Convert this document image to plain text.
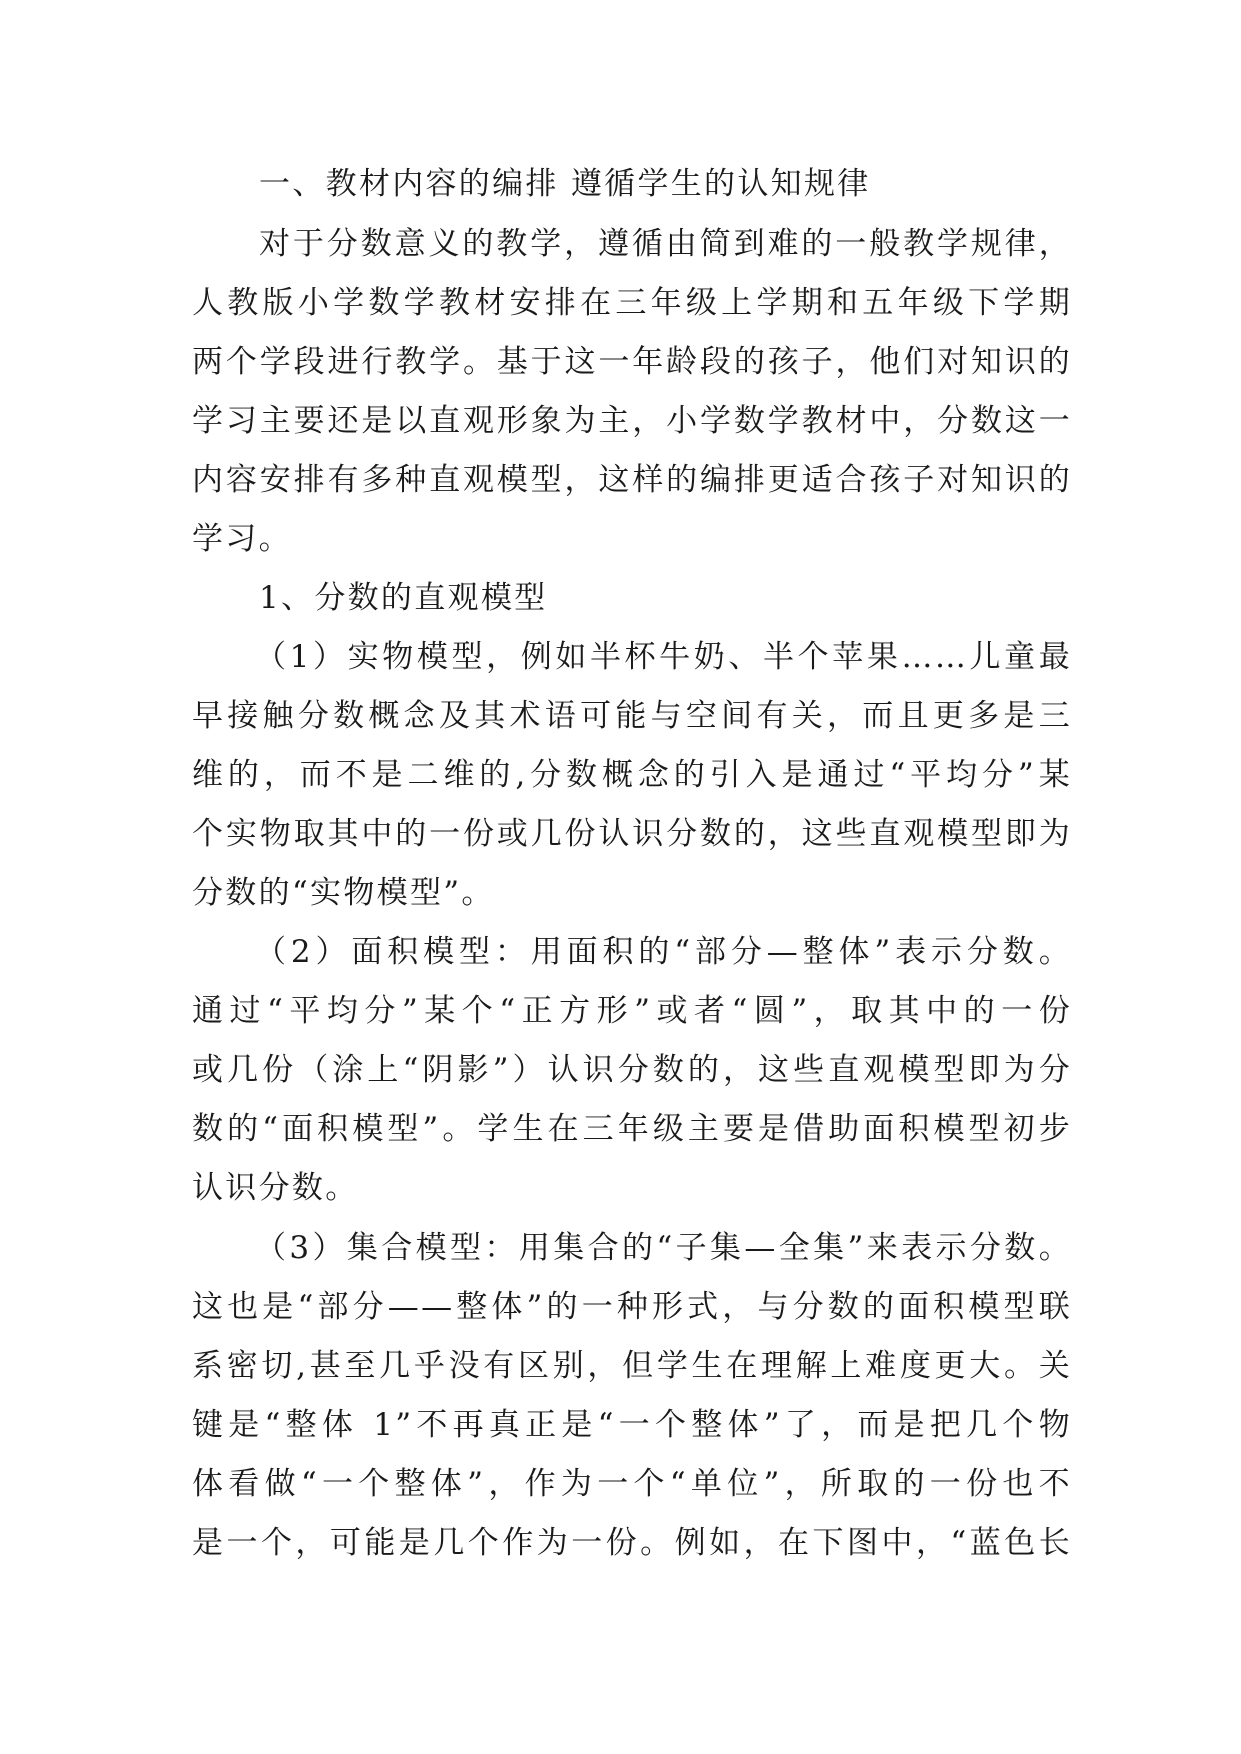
一、教材内容的编排 遵循学生的认知规律
对于分数意义的教学，遵循由简到难的一般教学规律，
人教版小学数学教材安排在三年级上学期和五年级下学期
两个学段进行教学。基于这一年龄段的孩子，他们对知识的
学习主要还是以直观形象为主，小学数学教材中，分数这一
内容安排有多种直观模型，这样的编排更适合孩子对知识的
学习。
1、分数的直观模型
（1）实物模型，例如半杯牛奶、半个苹果……儿童最
早接触分数概念及其术语可能与空间有关，而且更多是三
维的，而不是二维的,分数概念的引入是通过“平均分”某
个实物取其中的一份或几份认识分数的，这些直观模型即为
分数的“实物模型”。
（2）面积模型：用面积的“部分—整体”表示分数。
通过“平均分”某个“正方形”或者“圆”，取其中的一份
或几份（涂上“阴影”）认识分数的，这些直观模型即为分
数的“面积模型”。学生在三年级主要是借助面积模型初步
认识分数。
（3）集合模型：用集合的“子集—全集”来表示分数。
这也是“部分——整体”的一种形式，与分数的面积模型联
系密切,甚至几乎没有区别，但学生在理解上难度更大。关
键是“整体 1”不再真正是“一个整体”了，而是把几个物
体看做“一个整体”，作为一个“单位”，所取的一份也不
是一个，可能是几个作为一份。例如，在下图中，“蓝色长
